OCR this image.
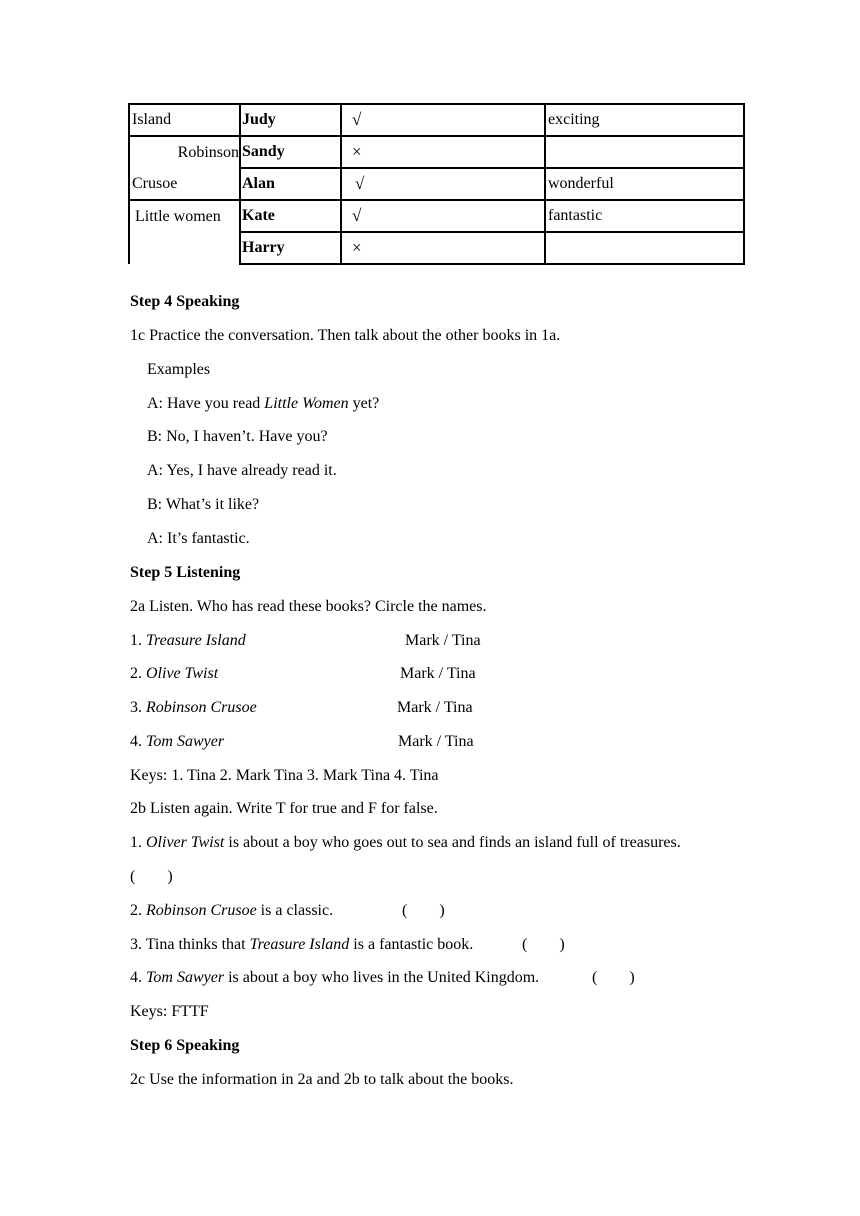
Island	Judy	√	exciting
Robinson	Sandy	×	
Crusoe	Alan	√	wonderful
Little women	Kate	√	fantastic
	Harry	×	
Step 4 Speaking
1c Practice the conversation. Then talk about the other books in 1a.
Examples
A: Have you read Little Women yet?
B: No, I haven’t. Have you?
A: Yes, I have already read it.
B: What’s it like?
A: It’s fantastic.
Step 5 Listening
2a Listen. Who has read these books? Circle the names.
1. Treasure Island	Mark / Tina
2. Olive Twist	Mark / Tina
3. Robinson Crusoe	Mark / Tina
4. Tom Sawyer	Mark / Tina
Keys: 1. Tina 2. Mark Tina 3. Mark Tina 4. Tina
2b Listen again. Write T for true and F for false.
1. Oliver Twist is about a boy who goes out to sea and finds an island full of treasures.
(        )
2. Robinson Crusoe is a classic.	(        )
3. Tina thinks that Treasure Island is a fantastic book.	(        )
4. Tom Sawyer is about a boy who lives in the United Kingdom.	(        )
Keys: FTTF
Step 6 Speaking
2c Use the information in 2a and 2b to talk about the books.
